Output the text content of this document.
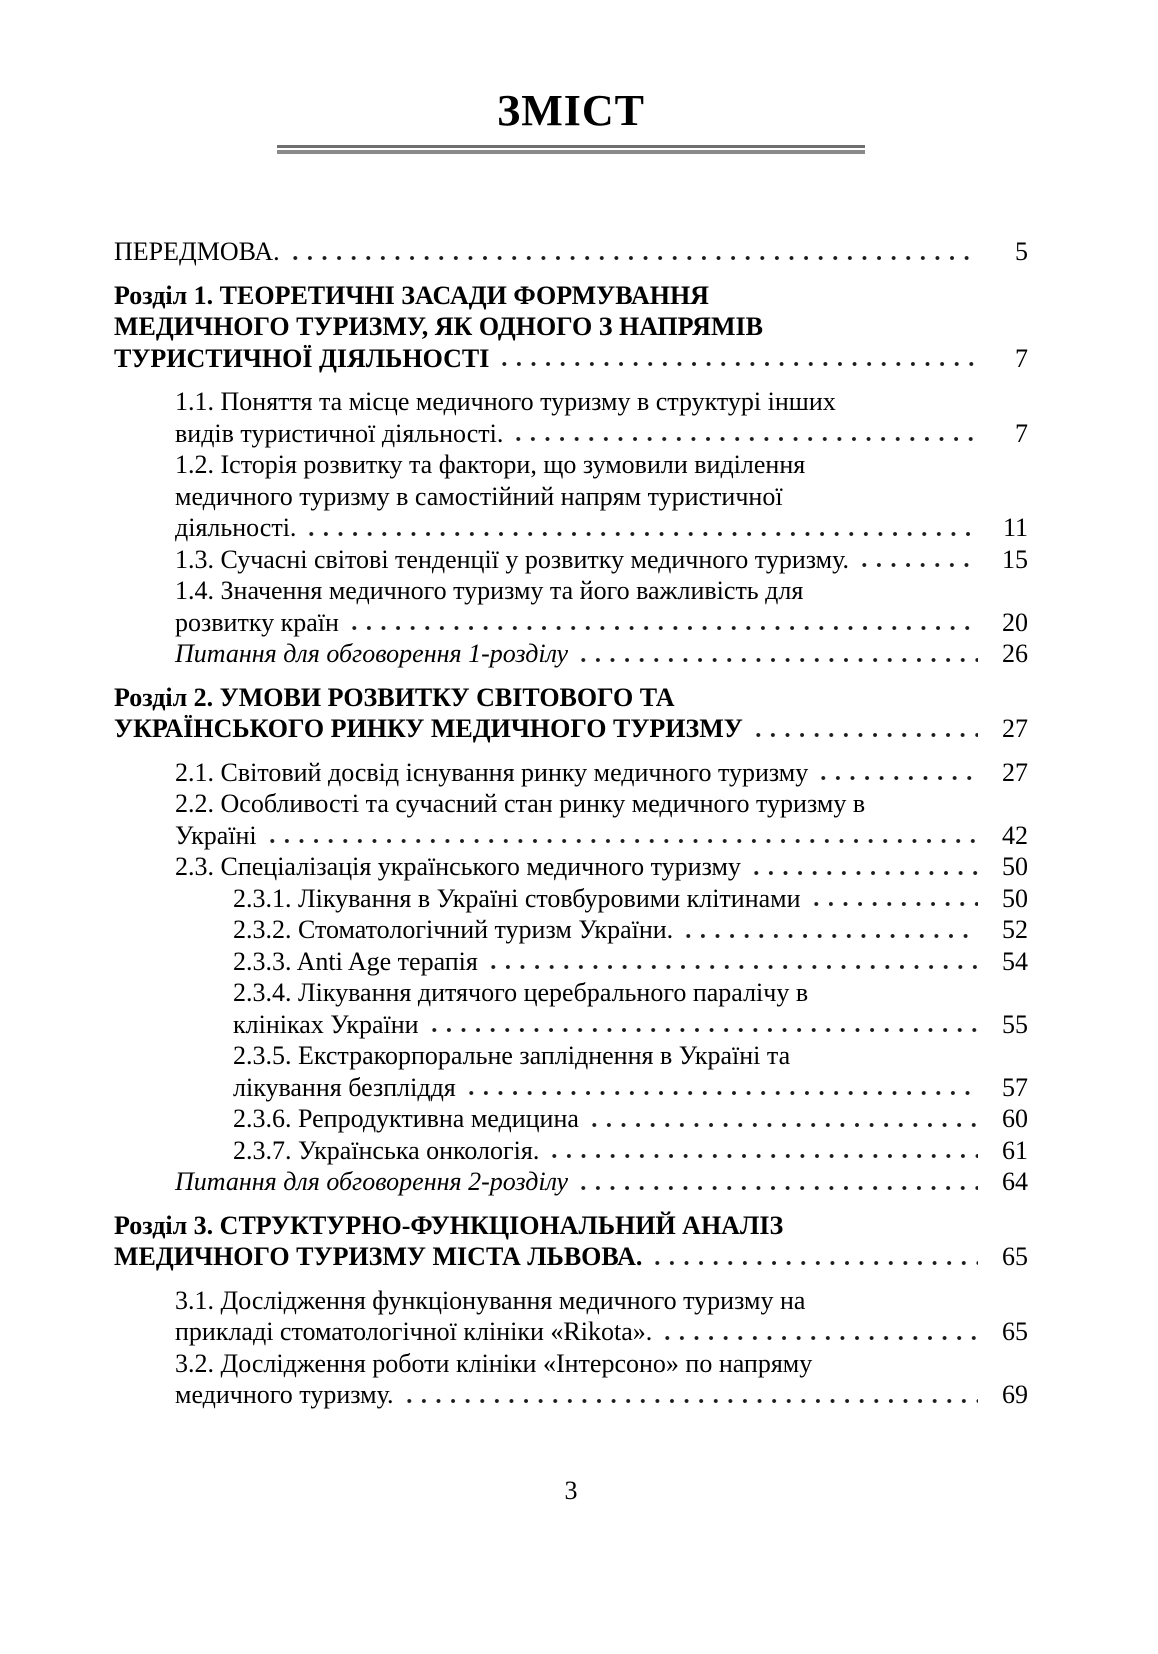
ЗМІСТ
ПЕРЕДМОВА.	5
Розділ 1. ТЕОРЕТИЧНІ ЗАСАДИ ФОРМУВАННЯ
МЕДИЧНОГО ТУРИЗМУ, ЯК ОДНОГО З НАПРЯМІВ
ТУРИСТИЧНОЇ ДІЯЛЬНОСТІ	7
1.1. Поняття та місце медичного туризму в структурі інших
видів туристичної діяльності.	7
1.2. Історія розвитку та фактори, що зумовили виділення
медичного туризму в самостійний напрям туристичної
діяльності.	11
1.3. Сучасні світові тенденції у розвитку медичного туризму.	15
1.4. Значення медичного туризму та його важливість для
розвитку країн	20
Питання для обговорення 1-розділу	26
Розділ 2. УМОВИ РОЗВИТКУ СВІТОВОГО ТА
УКРАЇНСЬКОГО РИНКУ МЕДИЧНОГО ТУРИЗМУ	27
2.1. Світовий досвід існування ринку медичного туризму	27
2.2. Особливості та сучасний стан ринку медичного туризму в
Україні	42
2.3. Спеціалізація українського медичного туризму	50
2.3.1. Лікування в Україні стовбуровими клітинами	50
2.3.2. Стоматологічний туризм України.	52
2.3.3. Anti Age терапія	54
2.3.4. Лікування дитячого церебрального паралічу в
клініках України	55
2.3.5. Екстракорпоральне запліднення в Україні та
лікування безпліддя	57
2.3.6. Репродуктивна медицина	60
2.3.7. Українська онкологія.	61
Питання для обговорення 2-розділу	64
Розділ 3. СТРУКТУРНО-ФУНКЦІОНАЛЬНИЙ АНАЛІЗ
МЕДИЧНОГО ТУРИЗМУ МІСТА ЛЬВОВА.	65
3.1. Дослідження функціонування медичного туризму на
прикладі стоматологічної клініки «Rikota».	65
3.2. Дослідження роботи клініки «Інтерсоно» по напряму
медичного туризму.	69
3
